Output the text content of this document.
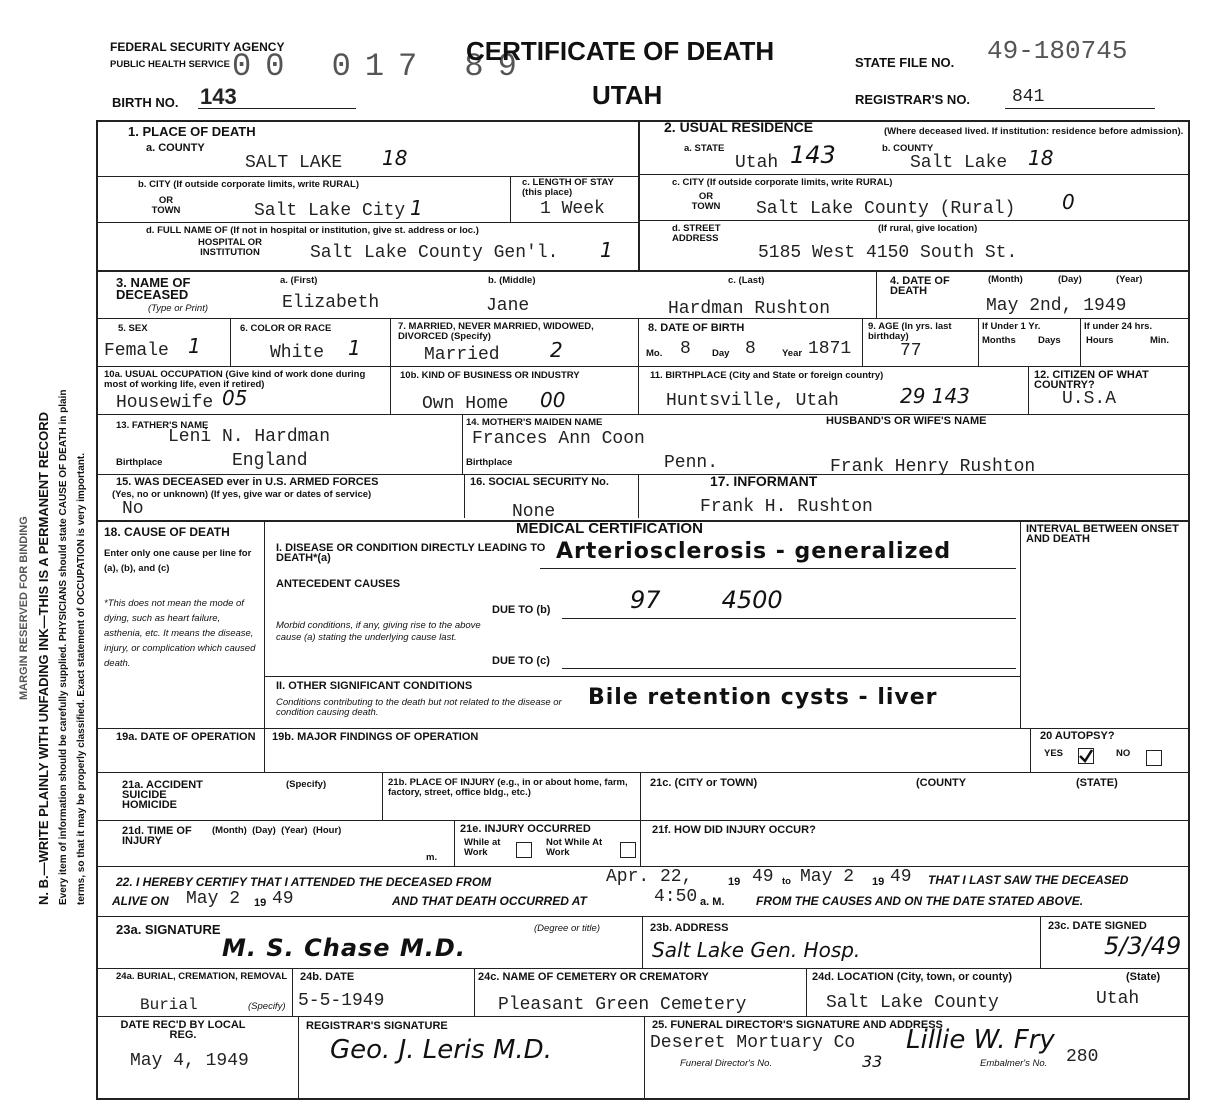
N. B.—WRITE PLAINLY WITH UNFADING INK—THIS IS A PERMANENT RECORD Every item of information should be carefully supplied. PHYSICIANS should state CAUSE OF DEATH in plain terms, so that it may be properly classified. Exact statement of OCCUPATION is very important.
MARGIN RESERVED FOR BINDING
FEDERAL SECURITY AGENCY
PUBLIC HEALTH SERVICE
BIRTH NO. 143
00 017 89
CERTIFICATE OF DEATH
UTAH
STATE FILE NO. 49-180745
REGISTRAR'S NO. 841
1. PLACE OF DEATH
a. COUNTY
SALT LAKE 18
b. CITY (If outside corporate limits, write RURAL)
OR TOWN	Salt Lake City 1
c. LENGTH OF STAY (this place)
1 Week
d. FULL NAME OF (If not in hospital or institution, give st. address or loc.)
HOSPITAL OR INSTITUTION	Salt Lake County Gen'l. 1
2. USUAL RESIDENCE	(Where deceased lived. If institution: residence before admission).
a. STATE
Utah 143	b. COUNTY
Salt Lake 18
c. CITY (If outside corporate limits, write RURAL)
OR TOWN	Salt Lake County (Rural) 0
d. STREET ADDRESS
(If rural, give location)
5185 West 4150 South St.
3. NAME OF DECEASED
(Type or Print)
a. (First)
Elizabeth
b. (Middle)
Jane
c. (Last)
Hardman Rushton
4. DATE OF DEATH
(Month)	(Day)	(Year)
May 2nd, 1949
5. SEX
Female 1
6. COLOR OR RACE
White 1
7. MARRIED, NEVER MARRIED, WIDOWED, DIVORCED (Specify)
Married	2
8. DATE OF BIRTH
Mo. 8 Day 8	Year 1871
9. AGE (In yrs. last birthday)
77
If Under 1 Yr.
Months Days
If under 24 hrs.
Hours	Min.
10a. USUAL OCCUPATION (Give kind of work done during most of working life, even if retired)
Housewife 05
10b. KIND OF BUSINESS OR INDUSTRY
Own Home 00
11. BIRTHPLACE (City and State or foreign country)
Huntsville, Utah	29 143
12. CITIZEN OF WHAT COUNTRY?
U.S.A
13. FATHER'S NAME
Leni N. Hardman
Birthplace	England
14. MOTHER'S MAIDEN NAME
Frances Ann Coon
Birthplace	Penn.
HUSBAND'S OR WIFE'S NAME
Frank Henry Rushton
15. WAS DECEASED ever in U.S. ARMED FORCES
(Yes, no or unknown) (If yes, give war or dates of service)
No
16. SOCIAL SECURITY No.
None
17. INFORMANT
Frank H. Rushton
MEDICAL CERTIFICATION
18. CAUSE OF DEATH
Enter only one cause per line for (a), (b), and (c)
*This does not mean the mode of dying, such as heart failure, asthenia, etc. It means the disease, injury, or complication which caused death.
INTERVAL BETWEEN ONSET AND DEATH
I. DISEASE OR CONDITION DIRECTLY LEADING TO DEATH*(a)	Arteriosclerosis - generalized
ANTECEDENT CAUSES
Morbid conditions, if any, giving rise to the above cause (a) stating the underlying cause last.
DUE TO (b)	97        4500
DUE TO (c)
II. OTHER SIGNIFICANT CONDITIONS
Conditions contributing to the death but not related to the disease or condition causing death.
Bile retention cysts - liver
19a. DATE OF OPERATION	19b. MAJOR FINDINGS OF OPERATION	20 AUTOPSY?
YES	NO
21a. ACCIDENT SUICIDE HOMICIDE
(Specify)	21b. PLACE OF INJURY (e.g., in or about home, farm, factory, street, office bldg., etc.)
21c. (CITY or TOWN)	(COUNTY	(STATE)
21d. TIME OF INJURY
(Month)  (Day)  (Year)  (Hour)
m.
21e. INJURY OCCURRED
While at Work
Not While At Work
21f. HOW DID INJURY OCCUR?
22. I HEREBY CERTIFY THAT I ATTENDED THE DECEASED FROM	Apr. 22,	19 49 to May 2 19 49 THAT I LAST SAW THE DECEASED
ALIVE ON May 2 19 49	AND THAT DEATH OCCURRED AT	4:50 a. M.	FROM THE CAUSES AND ON THE DATE STATED ABOVE.
23a. SIGNATURE	(Degree or title)
M. S. Chase M.D.
23b. ADDRESS
Salt Lake Gen. Hosp.
23c. DATE SIGNED
5/3/49
24a. BURIAL, CREMATION, REMOVAL
Burial	(Specify)
24b. DATE
5-5-1949
24c. NAME OF CEMETERY OR CREMATORY
Pleasant Green Cemetery
24d. LOCATION (City, town, or county)	(State)
Salt Lake County	Utah
DATE REC'D BY LOCAL REG.
May 4, 1949
REGISTRAR'S SIGNATURE
Geo. J. Leris M.D.
25. FUNERAL DIRECTOR'S SIGNATURE AND ADDRESS
Deseret Mortuary Co
33
Lillie W. Fry
Funeral Director's No.	Embalmer's No. 280
